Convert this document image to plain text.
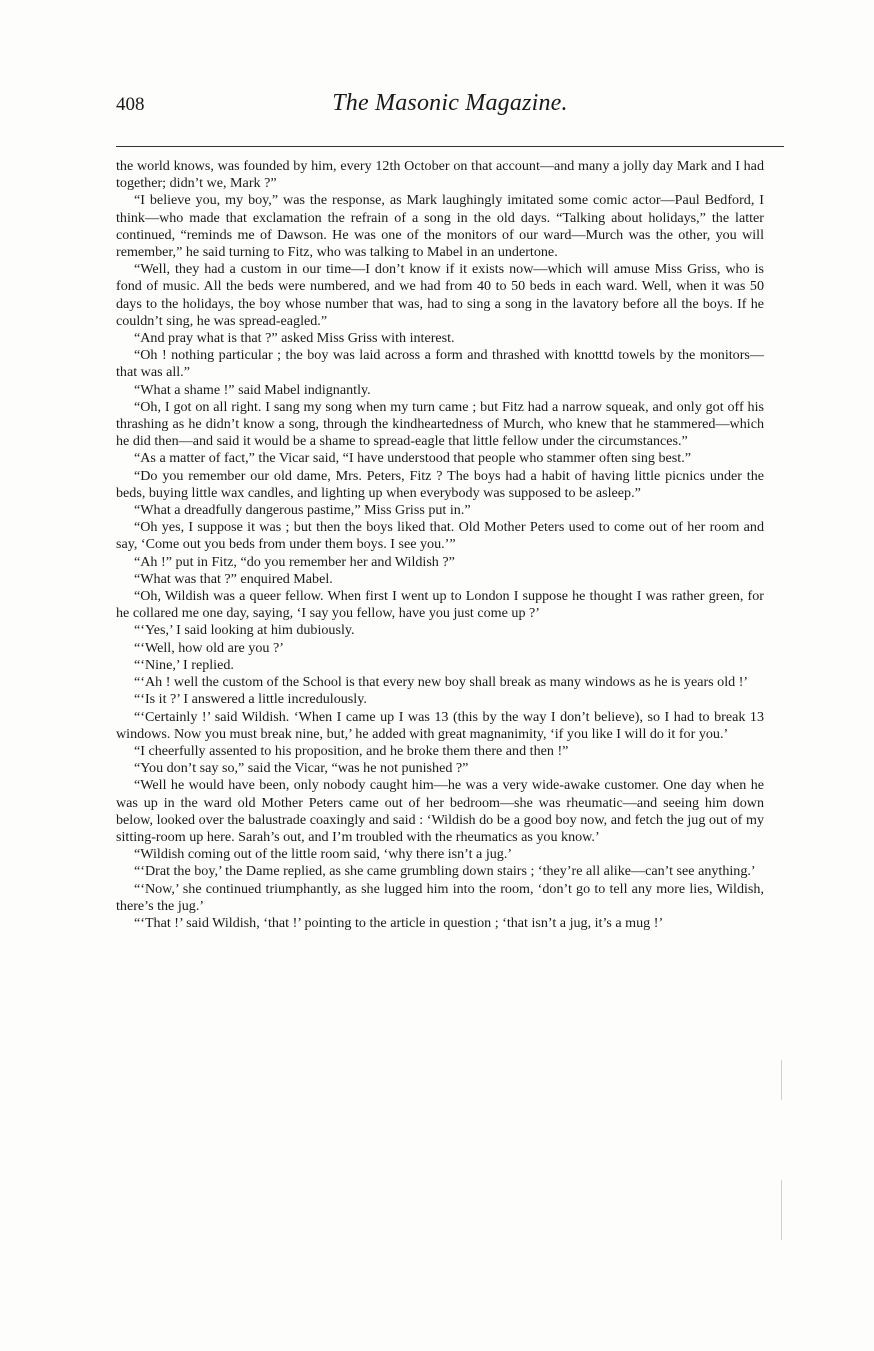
408	The Masonic Magazine.

the world knows, was founded by him, every 12th October on that account—and many a jolly day Mark and I had together; didn’t we, Mark ?”

“I believe you, my boy,” was the response, as Mark laughingly imitated some comic actor—Paul Bedford, I think—who made that exclamation the refrain of a song in the old days. “Talking about holidays,” the latter continued, “reminds me of Dawson. He was one of the monitors of our ward—Murch was the other, you will remember,” he said turning to Fitz, who was talking to Mabel in an undertone.

“Well, they had a custom in our time—I don’t know if it exists now—which will amuse Miss Griss, who is fond of music. All the beds were numbered, and we had from 40 to 50 beds in each ward. Well, when it was 50 days to the holidays, the boy whose number that was, had to sing a song in the lavatory before all the boys. If he couldn’t sing, he was spread-eagled.”

“And pray what is that ?” asked Miss Griss with interest.

“Oh ! nothing particular ; the boy was laid across a form and thrashed with knotttd towels by the monitors—that was all.”

“What a shame !” said Mabel indignantly.

“Oh, I got on all right. I sang my song when my turn came ; but Fitz had a narrow squeak, and only got off his thrashing as he didn’t know a song, through the kindheartedness of Murch, who knew that he stammered—which he did then—and said it would be a shame to spread-eagle that little fellow under the circumstances.”

“As a matter of fact,” the Vicar said, “I have understood that people who stammer often sing best.”

“Do you remember our old dame, Mrs. Peters, Fitz ? The boys had a habit of having little picnics under the beds, buying little wax candles, and lighting up when everybody was supposed to be asleep.”

“What a dreadfully dangerous pastime,” Miss Griss put in.”

“Oh yes, I suppose it was ; but then the boys liked that. Old Mother Peters used to come out of her room and say, ‘Come out you beds from under them boys. I see you.’”

“Ah !” put in Fitz, “do you remember her and Wildish ?”

“What was that ?” enquired Mabel.

“Oh, Wildish was a queer fellow. When first I went up to London I suppose he thought I was rather green, for he collared me one day, saying, ‘I say you fellow, have you just come up ?’

“‘Yes,’ I said looking at him dubiously.

“‘Well, how old are you ?’

“‘Nine,’ I replied.

“‘Ah ! well the custom of the School is that every new boy shall break as many windows as he is years old !’

“‘Is it ?’ I answered a little incredulously.

“‘Certainly !’ said Wildish. ‘When I came up I was 13 (this by the way I don’t believe), so I had to break 13 windows. Now you must break nine, but,’ he added with great magnanimity, ‘if you like I will do it for you.’

“I cheerfully assented to his proposition, and he broke them there and then !”

“You don’t say so,” said the Vicar, “was he not punished ?”

“Well he would have been, only nobody caught him—he was a very wide-awake customer. One day when he was up in the ward old Mother Peters came out of her bedroom—she was rheumatic—and seeing him down below, looked over the balustrade coaxingly and said : ‘Wildish do be a good boy now, and fetch the jug out of my sitting-room up here. Sarah’s out, and I’m troubled with the rheumatics as you know.’

“Wildish coming out of the little room said, ‘why there isn’t a jug.’

“‘Drat the boy,’ the Dame replied, as she came grumbling down stairs ; ‘they’re all alike—can’t see anything.’

“‘Now,’ she continued triumphantly, as she lugged him into the room, ‘don’t go to tell any more lies, Wildish, there’s the jug.’

“‘That !’ said Wildish, ‘that !’ pointing to the article in question ; ‘that isn’t a jug, it’s a mug !’
